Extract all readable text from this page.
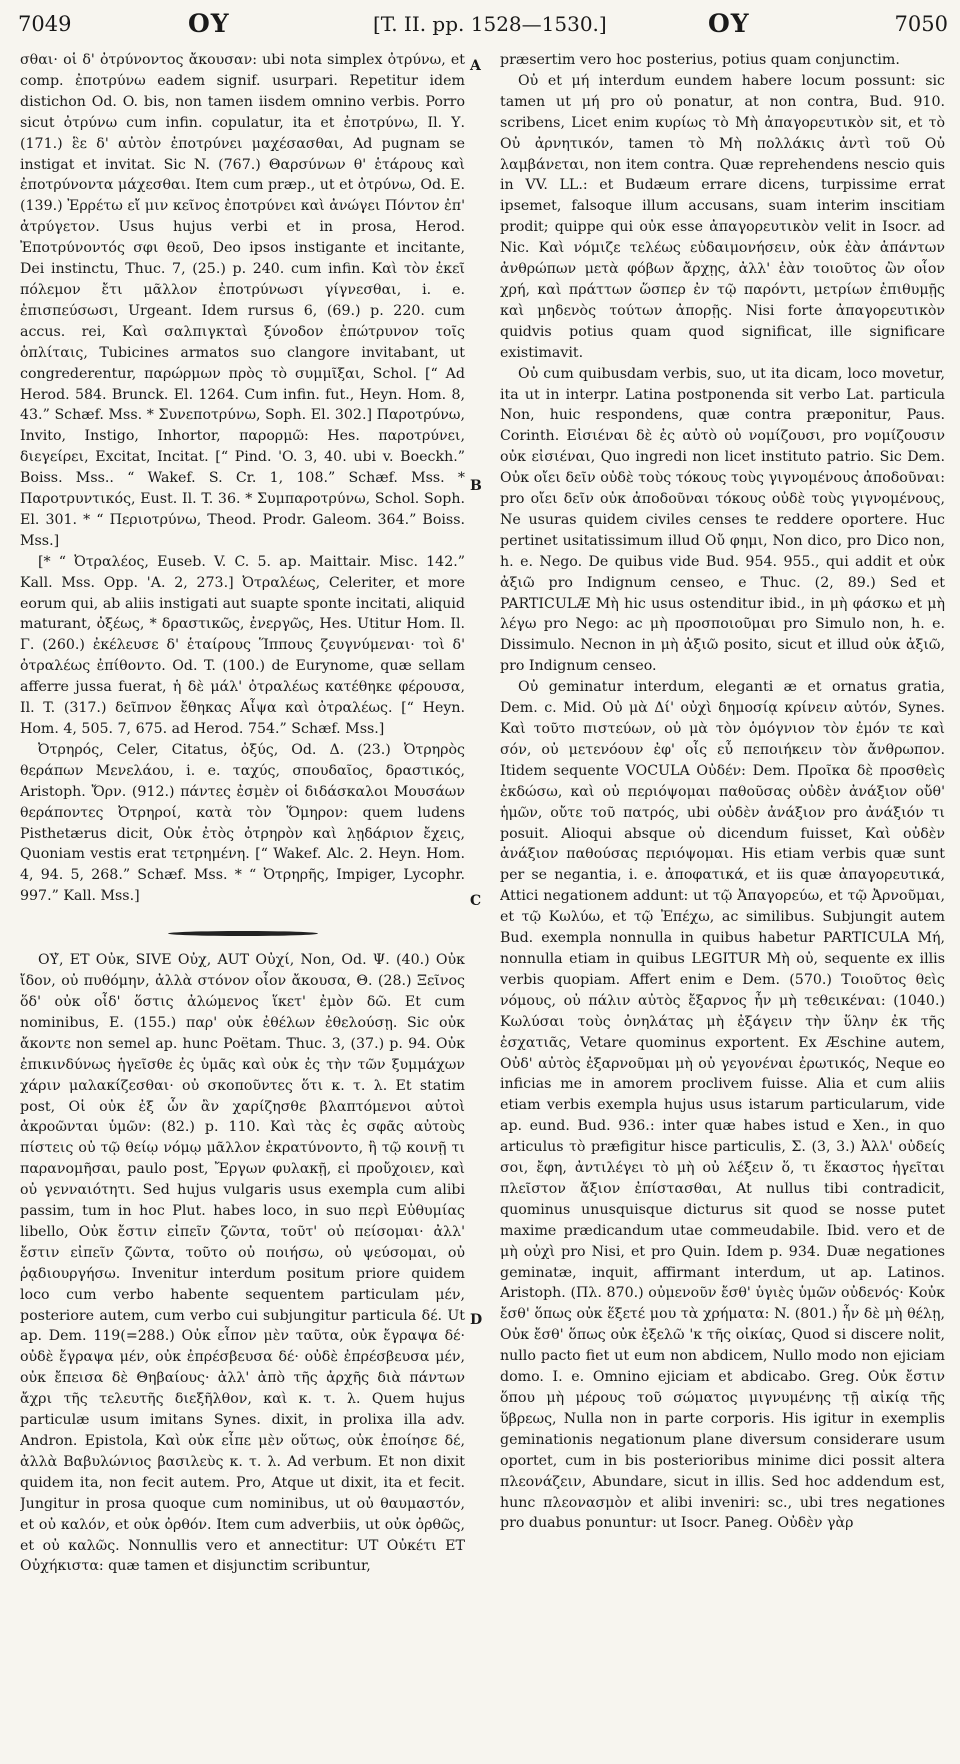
7049	ΟΥ	[T. II. pp. 1528—1530.]	ΟΥ	7050
A
B
C
D

σθαι· οἱ δ' ὀτρύνοντος ἄκουσαν: ubi nota simplex ὀτρύνω, et comp. ἐποτρύνω eadem signif. usurpari. Repetitur idem distichon Od. O. bis, non tamen iisdem omnino verbis. Porro sicut ὀτρύνω cum infin. copulatur, ita et ἐποτρύνω, Il. Υ. (171.) ἓε δ' αὐτὸν ἐποτρύνει μαχέσασθαι, Ad pugnam se instigat et invitat. Sic N. (767.) Θαρσύνων θ' ἑτάρους καὶ ἐποτρύνοντα μάχεσθαι. Item cum præp., ut et ὀτρύνω, Od. E. (139.) Ἐρρέτω εἴ μιν κεῖνος ἐποτρύνει καὶ ἀνώγει Πόντον ἐπ' ἀτρύγετον. Usus hujus verbi et in prosa, Herod. Ἐποτρύνοντός σφι θεοῦ, Deo ipsos instigante et incitante, Dei instinctu, Thuc. 7, (25.) p. 240. cum infin. Καὶ τὸν ἐκεῖ πόλεμον ἔτι μᾶλλον ἐποτρύνωσι γίγνεσθαι, i. e. ἐπισπεύσωσι, Urgeant. Idem rursus 6, (69.) p. 220. cum accus. rei, Καὶ σαλπιγκταὶ ξύνοδον ἐπώτρυνον τοῖς ὁπλίταις, Tubicines armatos suo clangore invitabant, ut congrederentur, παρώρμων πρὸς τὸ συμμῖξαι, Schol. [“ Ad Herod. 584. Brunck. El. 1264. Cum infin. fut., Heyn. Hom. 8, 43.” Schæf. Mss. * Συνεποτρύνω, Soph. El. 302.] Παροτρύνω, Invito, Instigo, Inhortor, παρορμῶ: Hes. παροτρύνει, διεγείρει, Excitat, Incitat. [“ Pind. 'O. 3, 40. ubi v. Boeckh.” Boiss. Mss.. “ Wakef. S. Cr. 1, 108.” Schæf. Mss. * Παροτρυντικός, Eust. Il. T. 36. * Συμπαροτρύνω, Schol. Soph. El. 301. * “ Περιοτρύνω, Theod. Prodr. Galeom. 364.” Boiss. Mss.]

[* “ Ὀτραλέος, Euseb. V. C. 5. ap. Maittair. Misc. 142.” Kall. Mss. Opp. 'A. 2, 273.] Ὀτραλέως, Celeriter, et more eorum qui, ab aliis instigati aut suapte sponte incitati, aliquid maturant, ὀξέως, * δραστικῶς, ἐνεργῶς, Hes. Utitur Hom. Il. Γ. (260.) ἐκέλευσε δ' ἑταίρους Ἵππους ζευγνύμεναι· τοὶ δ' ὀτραλέως ἐπίθοντο. Od. T. (100.) de Eurynome, quæ sellam afferre jussa fuerat, ἡ δὲ μάλ' ὀτραλέως κατέθηκε φέρουσα, Il. T. (317.) δεῖπνον ἔθηκας Αἶψα καὶ ὀτραλέως. [“ Heyn. Hom. 4, 505. 7, 675. ad Herod. 754.” Schæf. Mss.]

Ὀτρηρός, Celer, Citatus, ὀξύς, Od. Δ. (23.) Ὀτρηρὸς θεράπων Μενελάου, i. e. ταχύς, σπουδαῖος, δραστικός, Aristoph. Ὄρν. (912.) πάντες ἐσμὲν οἱ διδάσκαλοι Μουσάων θεράποντες Ὀτρηροί, κατὰ τὸν Ὅμηρον: quem ludens Pisthetærus dicit, Οὐκ ἐτὸς ὀτρηρὸν καὶ λῃδάριον ἔχεις, Quoniam vestis erat τετρημένη. [“ Wakef. Alc. 2. Heyn. Hom. 4, 94. 5, 268.” Schæf. Mss. * “ Ὀτρηρῆς, Impiger, Lycophr. 997.” Kall. Mss.]

ΟΥ̓, ET Οὐκ, SIVE Οὐχ, AUT Οὐχί, Non, Od. Ψ. (40.) Οὐκ ἴδον, οὐ πυθόμην, ἀλλὰ στόνον οἶον ἄκουσα, Θ. (28.) Ξεῖνος ὅδ' οὐκ οἶδ' ὅστις ἀλώμενος ἵκετ' ἐμὸν δῶ. Et cum nominibus, E. (155.) παρ' οὐκ ἐθέλων ἐθελούσῃ. Sic οὐκ ἄκοντε non semel ap. hunc Poëtam. Thuc. 3, (37.) p. 94. Οὐκ ἐπικινδύνως ἡγεῖσθε ἐς ὑμᾶς καὶ οὐκ ἐς τὴν τῶν ξυμμάχων χάριν μαλακίζεσθαι· οὐ σκοποῦντες ὅτι κ. τ. λ. Et statim post, Οἱ οὐκ ἐξ ὧν ἂν χαρίζησθε βλαπτόμενοι αὐτοὶ ἀκροῶνται ὑμῶν: (82.) p. 110. Καὶ τὰς ἐς σφᾶς αὐτοὺς πίστεις οὐ τῷ θείῳ νόμῳ μᾶλλον ἐκρατύνοντο, ἢ τῷ κοινῇ τι παρανομῆσαι, paulo post, Ἔργων φυλακῇ, εἰ προὔχοιεν, καὶ οὐ γενναιότητι. Sed hujus vulgaris usus exempla cum alibi passim, tum in hoc Plut. habes loco, in suo περὶ Εὐθυμίας libello, Οὐκ ἔστιν εἰπεῖν ζῶντα, τοῦτ' οὐ πείσομαι· ἀλλ' ἔστιν εἰπεῖν ζῶντα, τοῦτο οὐ ποιήσω, οὐ ψεύσομαι, οὐ ῥᾳδιουργήσω. Invenitur interdum positum priore quidem loco cum verbo habente sequentem particulam μέν, posteriore autem, cum verbo cui subjungitur particula δέ. Ut ap. Dem. 119(=288.) Οὐκ εἶπον μὲν ταῦτα, οὐκ ἔγραψα δέ· οὐδὲ ἔγραψα μέν, οὐκ ἐπρέσβευσα δέ· οὐδὲ ἐπρέσβευσα μέν, οὐκ ἔπεισα δὲ Θηβαίους· ἀλλ' ἀπὸ τῆς ἀρχῆς διὰ πάντων ἄχρι τῆς τελευτῆς διεξῆλθον, καὶ κ. τ. λ. Quem hujus particulæ usum imitans Synes. dixit, in prolixa illa adv. Andron. Epistola, Καὶ οὐκ εἶπε μὲν οὕτως, οὐκ ἐποίησε δέ, ἀλλὰ Βαβυλώνιος βασιλεὺς κ. τ. λ. Ad verbum. Et non dixit quidem ita, non fecit autem. Pro, Atque ut dixit, ita et fecit. Jungitur in prosa quoque cum nominibus, ut οὐ θαυμαστόν, et οὐ καλόν, et οὐκ ὀρθόν. Item cum adverbiis, ut οὐκ ὀρθῶς, et οὐ καλῶς. Nonnullis vero et annectitur: UT Οὐκέτι ET Οὐχήκιστα: quæ tamen et disjunctim scribuntur,

præsertim vero hoc posterius, potius quam conjunctim.

Οὐ et μή interdum eundem habere locum possunt: sic tamen ut μή pro οὐ ponatur, at non contra, Bud. 910. scribens, Licet enim κυρίως τὸ Μὴ ἀπαγορευτικὸν sit, et τὸ Οὐ ἀρνητικόν, tamen τὸ Μὴ πολλάκις ἀντὶ τοῦ Οὐ λαμβάνεται, non item contra. Quæ reprehendens nescio quis in VV. LL.: et Budæum errare dicens, turpissime errat ipsemet, falsoque illum accusans, suam interim inscitiam prodit; quippe qui οὐκ esse ἀπαγορευτικὸν velit in Isocr. ad Nic. Καὶ νόμιζε τελέως εὐδαιμονήσειν, οὐκ ἐὰν ἁπάντων ἀνθρώπων μετὰ φόβων ἄρχῃς, ἀλλ' ἐὰν τοιοῦτος ὢν οἷον χρή, καὶ πράττων ὥσπερ ἐν τῷ παρόντι, μετρίων ἐπιθυμῇς καὶ μηδενὸς τούτων ἀπορῇς. Nisi forte ἀπαγορευτικὸν quidvis potius quam quod significat, ille significare existimavit.

Οὐ cum quibusdam verbis, suo, ut ita dicam, loco movetur, ita ut in interpr. Latina postponenda sit verbo Lat. particula Non, huic respondens, quæ contra præponitur, Paus. Corinth. Εἰσιέναι δὲ ἐς αὐτὸ οὐ νομίζουσι, pro νομίζουσιν οὐκ εἰσιέναι, Quo ingredi non licet instituto patrio. Sic Dem. Οὐκ οἴει δεῖν οὐδὲ τοὺς τόκους τοὺς γιγνομένους ἀποδοῦναι: pro οἴει δεῖν οὐκ ἀποδοῦναι τόκους οὐδὲ τοὺς γιγνομένους, Ne usuras quidem civiles censes te reddere oportere. Huc pertinet usitatissimum illud Οὔ φημι, Non dico, pro Dico non, h. e. Nego. De quibus vide Bud. 954. 955., qui addit et οὐκ ἀξιῶ pro Indignum censeo, e Thuc. (2, 89.) Sed et PARTICULÆ Μὴ hic usus ostenditur ibid., in μὴ φάσκω et μὴ λέγω pro Nego: ac μὴ προσποιοῦμαι pro Simulo non, h. e. Dissimulo. Necnon in μὴ ἀξιῶ posito, sicut et illud οὐκ ἀξιῶ, pro Indignum censeo.

Οὐ geminatur interdum, eleganti æ et ornatus gratia, Dem. c. Mid. Οὐ μὰ Δί' οὐχὶ δημοσίᾳ κρίνειν αὐτόν, Synes. Καὶ τοῦτο πιστεύων, οὐ μὰ τὸν ὁμόγνιον τὸν ἐμόν τε καὶ σόν, οὐ μετενόουν ἐφ' οἷς εὖ πεποιήκειν τὸν ἄνθρωπον. Itidem sequente VOCULA Οὐδέν: Dem. Προῖκα δὲ προσθεὶς ἐκδώσω, καὶ οὐ περιόψομαι παθοῦσας οὐδὲν ἀνάξιον οὔθ' ἡμῶν, οὔτε τοῦ πατρός, ubi οὐδὲν ἀνάξιον pro ἀνάξιόν τι posuit. Alioqui absque οὐ dicendum fuisset, Καὶ οὐδὲν ἀνάξιον παθούσας περιόψομαι. His etiam verbis quæ sunt per se negantia, i. e. ἀποφατικά, et iis quæ ἀπαγορευτικά, Attici negationem addunt: ut τῷ Ἀπαγορεύω, et τῷ Ἀρνοῦμαι, et τῷ Κωλύω, et τῷ Ἐπέχω, ac similibus. Subjungit autem Bud. exempla nonnulla in quibus habetur PARTICULA Μή, nonnulla etiam in quibus LEGITUR Μὴ οὐ, sequente ex illis verbis quopiam. Affert enim e Dem. (570.) Τοιοῦτος θεὶς νόμους, οὐ πάλιν αὐτὸς ἔξαρνος ἦν μὴ τεθεικέναι: (1040.) Κωλύσαι τοὺς ὀνηλάτας μὴ ἐξάγειν τὴν ὕλην ἐκ τῆς ἐσχατιᾶς, Vetare quominus exportent. Ex Æschine autem, Οὐδ' αὐτὸς ἐξαρνοῦμαι μὴ οὐ γεγονέναι ἐρωτικός, Neque eo inficias me in amorem proclivem fuisse. Alia et cum aliis etiam verbis exempla hujus usus istarum particularum, vide ap. eund. Bud. 936.: inter quæ habes istud e Xen., in quo articulus τὸ præfigitur hisce particulis, Σ. (3, 3.) Ἀλλ' οὐδείς σοι, ἔφη, ἀντιλέγει τὸ μὴ οὐ λέξειν ὅ, τι ἕκαστος ἡγεῖται πλεῖστον ἄξιον ἐπίστασθαι, At nullus tibi contradicit, quominus unusquisque dicturus sit quod se nosse putet maxime prædicandum utae commeudabile. Ibid. vero et de μὴ οὐχὶ pro Nisi, et pro Quin. Idem p. 934. Duæ negationes geminatæ, inquit, affirmant interdum, ut ap. Latinos. Aristoph. (Πλ. 870.) οὐμενοῦν ἔσθ' ὑγιὲς ὑμῶν οὐδενός· Κοὐκ ἔσθ' ὅπως οὐκ ἕξετέ μου τὰ χρήματα: N. (801.) ἦν δὲ μὴ θέλῃ, Οὐκ ἔσθ' ὅπως οὐκ ἐξελῶ 'κ τῆς οἰκίας, Quod si discere nolit, nullo pacto fiet ut eum non abdicem, Nullo modo non ejiciam domo. I. e. Omnino ejiciam et abdicabo. Greg. Οὐκ ἔστιν ὅπου μὴ μέρους τοῦ σώματος μιγνυμένης τῇ αἰκίᾳ τῆς ὕβρεως, Nulla non in parte corporis. His igitur in exemplis geminationis negationum plane diversum considerare usum oportet, cum in bis posterioribus minime dici possit altera πλεονάζειν, Abundare, sicut in illis. Sed hoc addendum est, hunc πλεονασμὸν et alibi inveniri: sc., ubi tres negationes pro duabus ponuntur: ut Isocr. Paneg. Οὐδὲν γὰρ
